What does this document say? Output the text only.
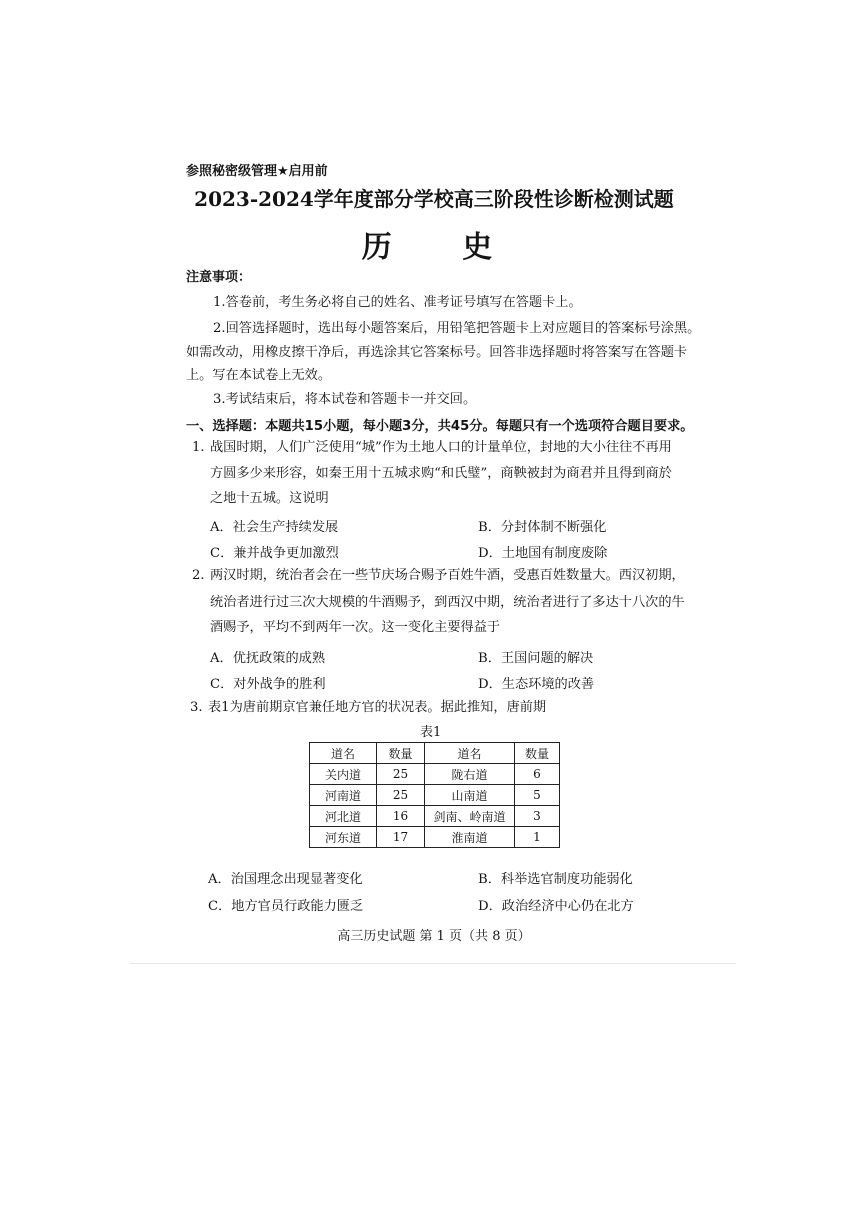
参照秘密级管理★启用前
2023-2024学年度部分学校高三阶段性诊断检测试题
历 史
注意事项：
1.答卷前，考生务必将自己的姓名、准考证号填写在答题卡上。
2.回答选择题时，选出每小题答案后，用铅笔把答题卡上对应题目的答案标号涂黑。
如需改动，用橡皮擦干净后，再选涂其它答案标号。回答非选择题时将答案写在答题卡
上。写在本试卷上无效。
3.考试结束后，将本试卷和答题卡一并交回。
一、选择题：本题共15小题，每小题3分，共45分。每题只有一个选项符合题目要求。
1. 战国时期，人们广泛使用“城”作为土地人口的计量单位，封地的大小往往不再用
方圆多少来形容，如秦王用十五城求购“和氏璧”，商鞅被封为商君并且得到商於
之地十五城。这说明
A．社会生产持续发展	B．分封体制不断强化
C．兼并战争更加激烈	D．土地国有制度废除
2. 两汉时期，统治者会在一些节庆场合赐予百姓牛酒，受惠百姓数量大。西汉初期，
统治者进行过三次大规模的牛酒赐予，到西汉中期，统治者进行了多达十八次的牛
酒赐予，平均不到两年一次。这一变化主要得益于
A．优抚政策的成熟	B．王国问题的解决
C．对外战争的胜利	D．生态环境的改善
3. 表1为唐前期京官兼任地方官的状况表。据此推知，唐前期
表1
道名	数量	道名	数量
关内道	25	陇右道	6
河南道	25	山南道	5
河北道	16	剑南、岭南道	3
河东道	17	淮南道	1
A．治国理念出现显著变化	B．科举选官制度功能弱化
C．地方官员行政能力匮乏	D．政治经济中心仍在北方
高三历史试题 第 1 页（共 8 页）
